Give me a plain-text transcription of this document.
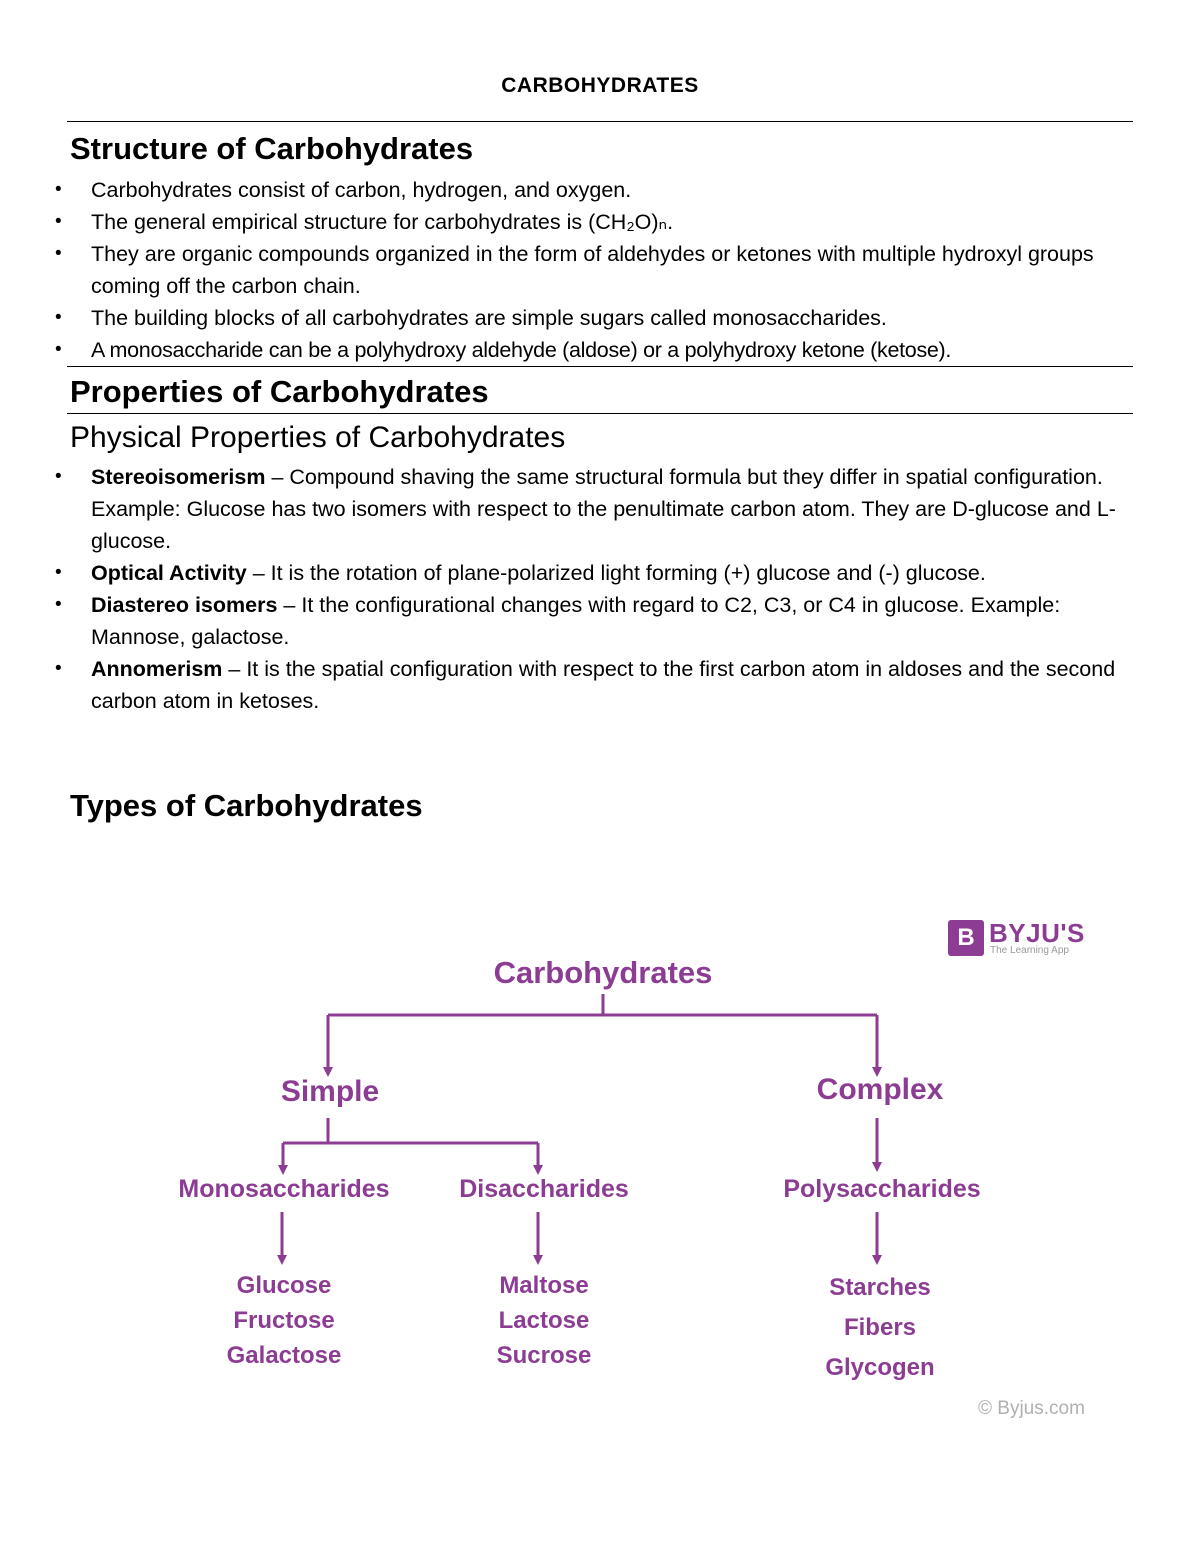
CARBOHYDRATES
Structure of Carbohydrates
• Carbohydrates consist of carbon, hydrogen, and oxygen.
• The general empirical structure for carbohydrates is (CH₂O)ₙ.
• They are organic compounds organized in the form of aldehydes or ketones with multiple hydroxyl groups coming off the carbon chain.
• The building blocks of all carbohydrates are simple sugars called monosaccharides.
• A monosaccharide can be a polyhydroxy aldehyde (aldose) or a polyhydroxy ketone (ketose).
Properties of Carbohydrates
Physical Properties of Carbohydrates
• Stereoisomerism – Compound shaving the same structural formula but they differ in spatial configuration. Example: Glucose has two isomers with respect to the penultimate carbon atom. They are D-glucose and L-glucose.
• Optical Activity – It is the rotation of plane-polarized light forming (+) glucose and (-) glucose.
• Diastereo isomers – It the configurational changes with regard to C2, C3, or C4 in glucose. Example: Mannose, galactose.
• Annomerism – It is the spatial configuration with respect to the first carbon atom in aldoses and the second carbon atom in ketoses.
Types of Carbohydrates
B BYJU'S
The Learning App
Carbohydrates
Simple	Complex
Monosaccharides	Disaccharides	Polysaccharides
Glucose
Fructose
Galactose
Maltose
Lactose
Sucrose
Starches
Fibers
Glycogen
© Byjus.com
